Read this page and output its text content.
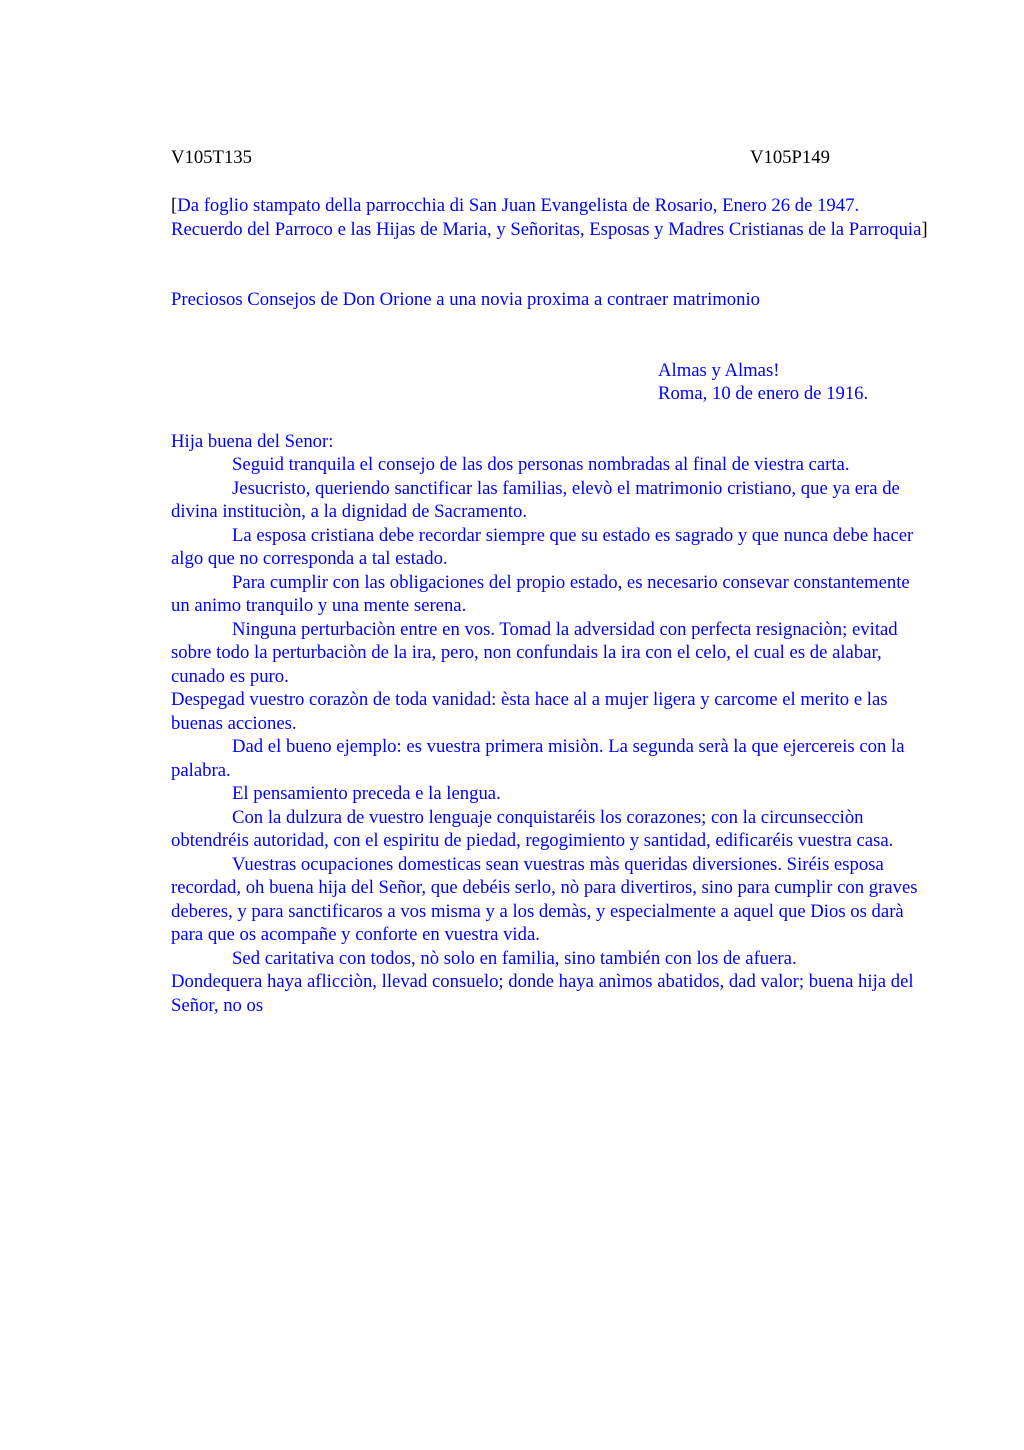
V105T135	V105P149
[Da foglio stampato della parrocchia di San Juan Evangelista de Rosario, Enero 26 de 1947. Recuerdo del Parroco e las Hijas de Maria, y Señoritas, Esposas y Madres Cristianas de la Parroquia]
Preciosos Consejos de Don Orione a una novia proxima a contraer matrimonio
Almas y Almas!
Roma, 10 de enero de 1916.
Hija buena del Senor:

Seguid tranquila el consejo de las dos personas nombradas al final de viestra carta.

Jesucristo, queriendo sanctificar las familias, elevò el matrimonio cristiano, que ya era de divina instituciòn, a la dignidad de Sacramento.

La esposa cristiana debe recordar siempre que su estado es sagrado y que nunca debe hacer algo que no corresponda a tal estado.

Para cumplir con las obligaciones del propio estado, es necesario consevar constantemente un animo tranquilo y una mente serena.

Ninguna perturbaciòn entre en vos. Tomad la adversidad con perfecta resignaciòn; evitad sobre todo la perturbaciòn de la ira, pero, non confundais la ira con el celo, el cual es de alabar, cunado es puro.

Despegad vuestro corazòn de toda vanidad: èsta hace al a mujer ligera y carcome el merito e las buenas acciones.

Dad el bueno ejemplo: es vuestra primera misiòn. La segunda serà la que ejercereis con la palabra.

El pensamiento preceda e la lengua.

Con la dulzura de vuestro lenguaje conquistaréis los corazones; con la circunsecciòn obtendréis autoridad, con el espiritu de piedad, regogimiento y santidad, edificaréis vuestra casa.

Vuestras ocupaciones domesticas sean vuestras màs queridas diversiones. Siréis esposa recordad, oh buena hija del Señor, que debéis serlo, nò para divertiros, sino para cumplir con graves deberes, y para sanctificaros a vos misma y a los demàs, y especialmente a aquel que Dios os darà para que os acompañe y conforte en vuestra vida.

Sed caritativa con todos, nò solo en familia, sino también con los de afuera.

Dondequera haya aflicciòn, llevad consuelo; donde haya anìmos abatidos, dad valor; buena hija del Señor, no os
